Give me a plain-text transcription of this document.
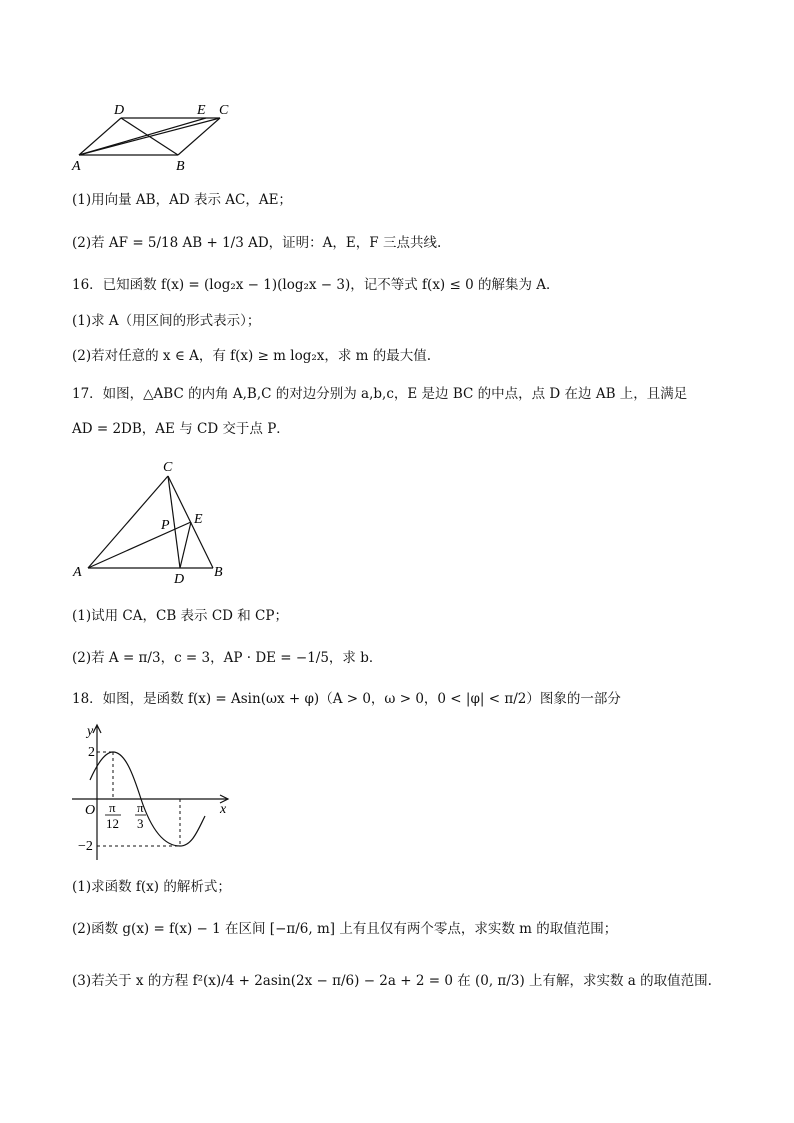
D	E C
A	B
(1)用向量 AB，AD 表示 AC，AE；
(2)若 AF = 5/18 AB + 1/3 AD，证明：A，E，F 三点共线.
16．已知函数 f(x) = (log₂x − 1)(log₂x − 3)，记不等式 f(x) ≤ 0 的解集为 A．
(1)求 A（用区间的形式表示）；
(2)若对任意的 x ∈ A，有 f(x) ≥ m log₂x，求 m 的最大值.
17．如图，△ABC 的内角 A,B,C 的对边分别为 a,b,c，E 是边 BC 的中点，点 D 在边 AB 上，且满足
AD = 2DB，AE 与 CD 交于点 P．
C
E
P
A	D B
(1)试用 CA，CB 表示 CD 和 CP；
(2)若 A = π/3，c = 3，AP · DE = −1/5，求 b．
18．如图，是函数 f(x) = Asin(ωx + φ)（A > 0，ω > 0，0 < |φ| < π/2）图象的一部分
y
x
O
2
−2
π
12
π
3
(1)求函数 f(x) 的解析式；
(2)函数 g(x) = f(x) − 1 在区间 [−π/6, m] 上有且仅有两个零点，求实数 m 的取值范围；
(3)若关于 x 的方程 f²(x)/4 + 2asin(2x − π/6) − 2a + 2 = 0 在 (0, π/3) 上有解，求实数 a 的取值范围.
